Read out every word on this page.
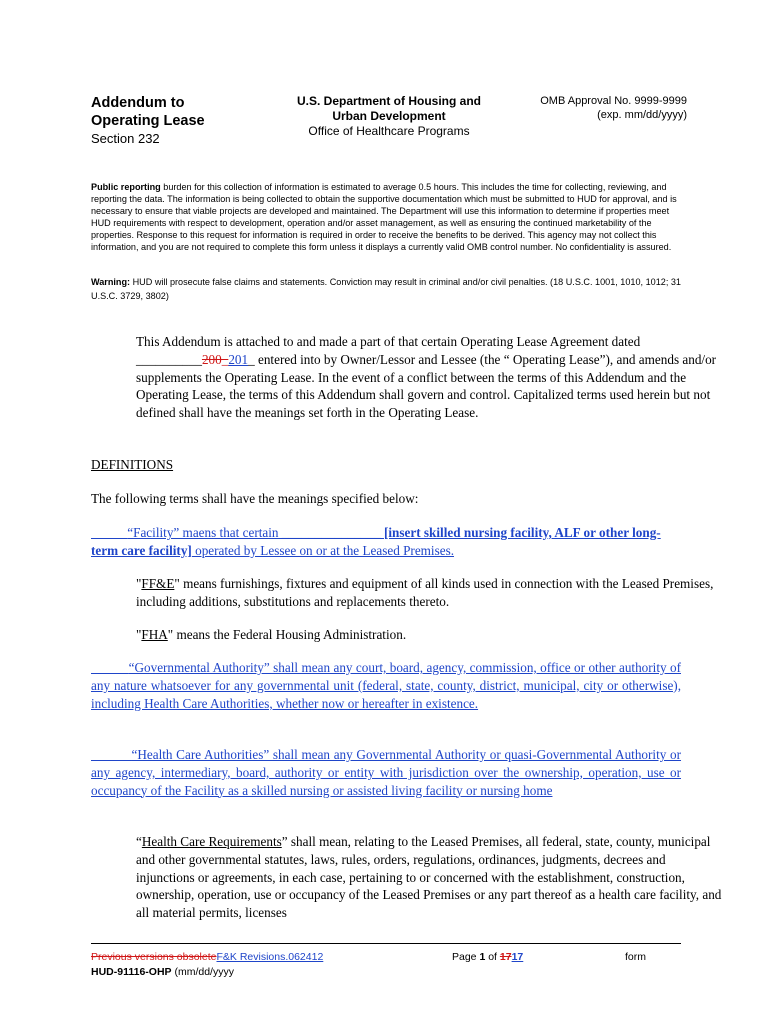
Addendum to
Operating Lease
Section 232
U.S. Department of Housing and
Urban Development
Office of Healthcare Programs
OMB Approval No. 9999-9999
(exp. mm/dd/yyyy)
Public reporting burden for this collection of information is estimated to average 0.5 hours. This includes the time for collecting, reviewing, and reporting the data. The information is being collected to obtain the supportive documentation which must be submitted to HUD for approval, and is necessary to ensure that viable projects are developed and maintained. The Department will use this information to determine if properties meet HUD requirements with respect to development, operation and/or asset management, as well as ensuring the continued marketability of the properties. Response to this request for information is required in order to receive the benefits to be derived. This agency may not collect this information, and you are not required to complete this form unless it displays a currently valid OMB control number. No confidentiality is assured.
Warning: HUD will prosecute false claims and statements. Conviction may result in criminal and/or civil penalties. (18 U.S.C. 1001, 1010, 1012; 31 U.S.C. 3729, 3802)
This Addendum is attached to and made a part of that certain Operating Lease Agreement dated __________200_201_ entered into by Owner/Lessor and Lessee (the “ Operating Lease”), and amends and/or supplements the Operating Lease. In the event of a conflict between the terms of this Addendum and the Operating Lease, the terms of this Addendum shall govern and control. Capitalized terms used herein but not defined shall have the meanings set forth in the Operating Lease.
DEFINITIONS
The following terms shall have the meanings specified below:
“Facility” maens that certain _______________ [insert skilled nursing facility, ALF or other long-term care facility] operated by Lessee on or at the Leased Premises.
"FF&E" means furnishings, fixtures and equipment of all kinds used in connection with the Leased Premises, including additions, substitutions and replacements thereto.
"FHA" means the Federal Housing Administration.
“Governmental Authority” shall mean any court, board, agency, commission, office or other authority of any nature whatsoever for any governmental unit (federal, state, county, district, municipal, city or otherwise), including Health Care Authorities, whether now or hereafter in existence.
“Health Care Authorities” shall mean any Governmental Authority or quasi-Governmental Authority or any agency, intermediary, board, authority or entity with jurisdiction over the ownership, operation, use or occupancy of the Facility as a skilled nursing or assisted living facility or nursing home
“Health Care Requirements” shall mean, relating to the Leased Premises, all federal, state, county, municipal and other governmental statutes, laws, rules, orders, regulations, ordinances, judgments, decrees and injunctions or agreements, in each case, pertaining to or concerned with the establishment, construction, ownership, operation, use or occupancy of the Leased Premises or any part thereof as a health care facility, and all material permits, licenses
Previous versions obsoleteF&K Revisions.062412	Page 1 of 1717	form
HUD-91116-OHP (mm/dd/yyyy
